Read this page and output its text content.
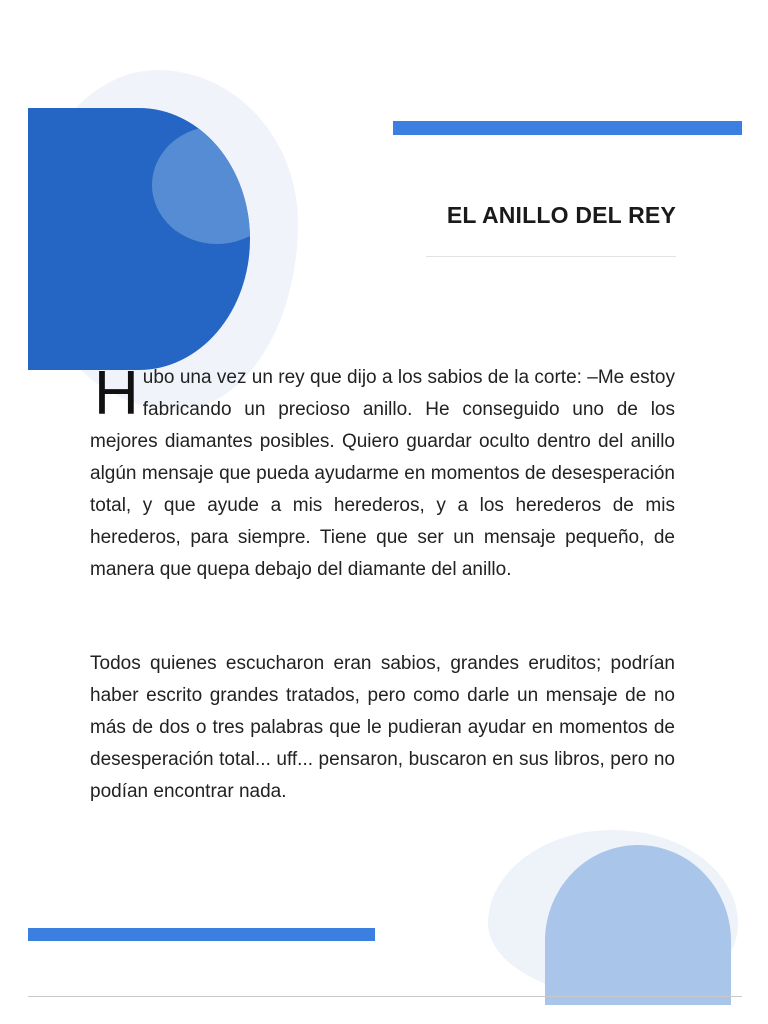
EL ANILLO DEL REY

Hubo una vez un rey que dijo a los sabios de la corte: –Me estoy fabricando un precioso anillo. He conseguido uno de los mejores diamantes posibles. Quiero guardar oculto dentro del anillo algún mensaje que pueda ayudarme en momentos de desesperación total, y que ayude a mis herederos, y a los herederos de mis herederos, para siempre. Tiene que ser un mensaje pequeño, de manera que quepa debajo del diamante del anillo.

Todos quienes escucharon eran sabios, grandes eruditos; podrían haber escrito grandes tratados, pero como darle un mensaje de no más de dos o tres palabras que le pudieran ayudar en momentos de desesperación total... uff... pensaron, buscaron en sus libros, pero no podían encontrar nada.
